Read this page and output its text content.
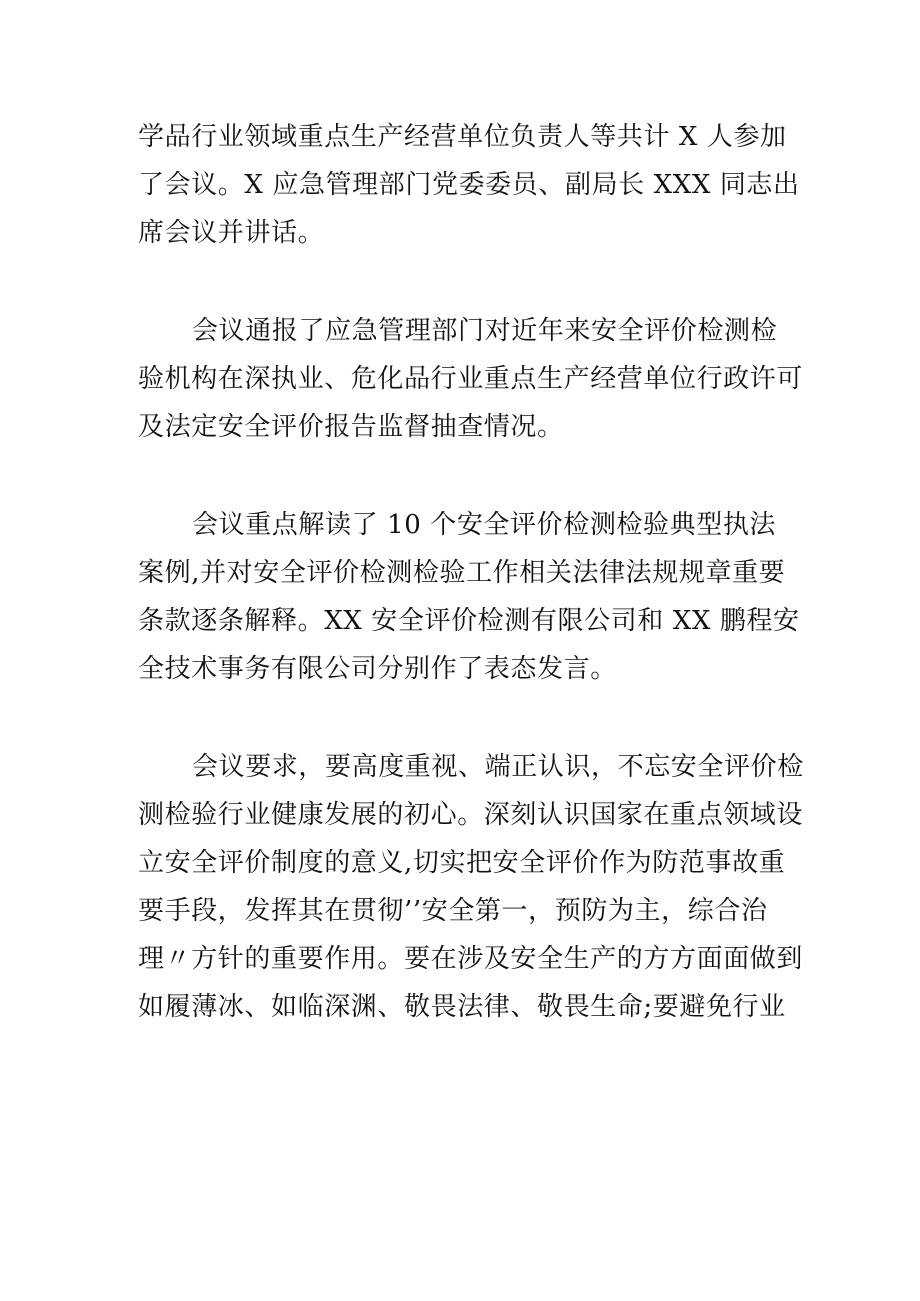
学品行业领域重点生产经营单位负责人等共计 X 人参加
了会议。X 应急管理部门党委委员、副局长 XXX 同志出
席会议并讲话。
会议通报了应急管理部门对近年来安全评价检测检
验机构在深执业、危化品行业重点生产经营单位行政许可
及法定安全评价报告监督抽查情况。
会议重点解读了 10 个安全评价检测检验典型执法
案例,并对安全评价检测检验工作相关法律法规规章重要
条款逐条解释。XX 安全评价检测有限公司和 XX 鹏程安
全技术事务有限公司分别作了表态发言。
会议要求，要高度重视、端正认识，不忘安全评价检
测检验行业健康发展的初心。深刻认识国家在重点领域设
立安全评价制度的意义,切实把安全评价作为防范事故重
要手段，发挥其在贯彻’’安全第一，预防为主，综合治
理〃方针的重要作用。要在涉及安全生产的方方面面做到
如履薄冰、如临深渊、敬畏法律、敬畏生命;要避免行业
